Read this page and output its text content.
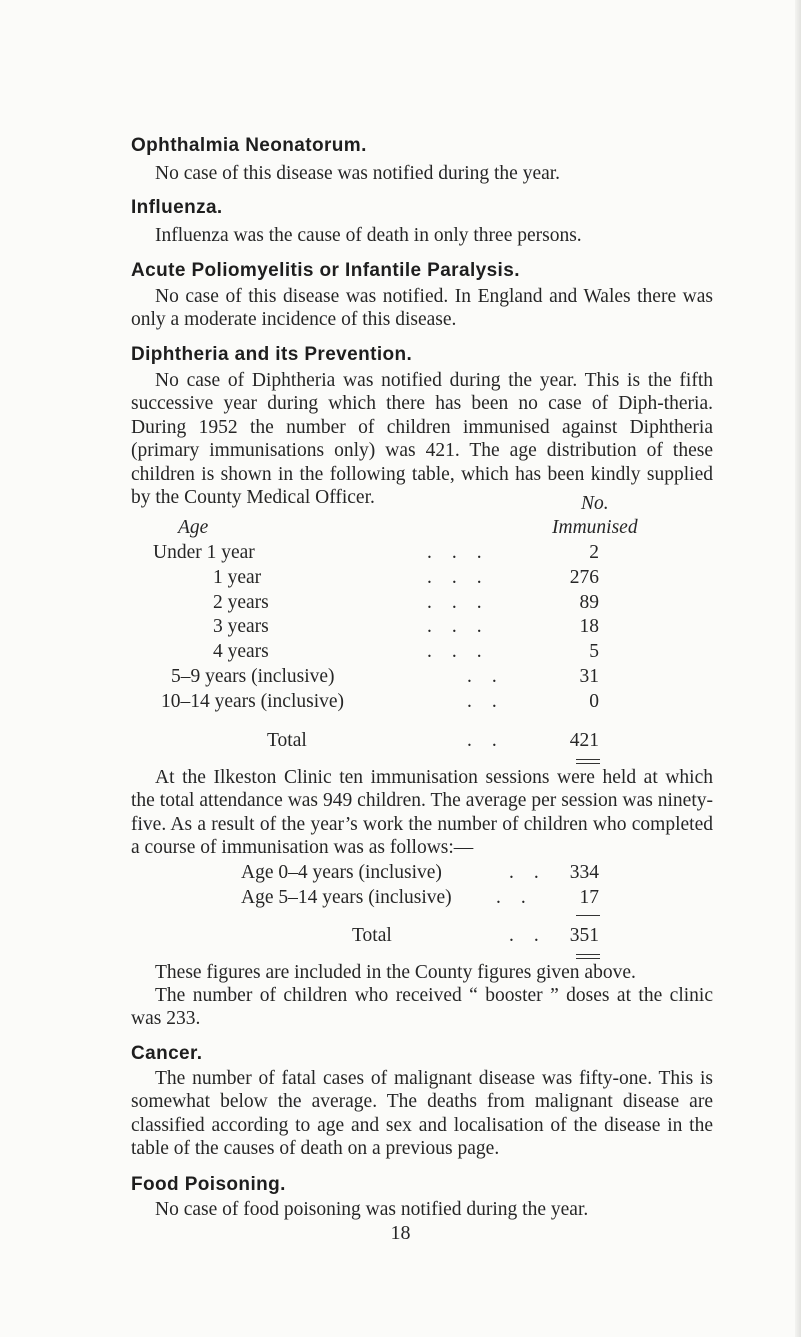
Ophthalmia Neonatorum.

No case of this disease was notified during the year.

Influenza.

Influenza was the cause of death in only three persons.

Acute Poliomyelitis or Infantile Paralysis.

No case of this disease was notified. In England and Wales there was only a moderate incidence of this disease.

Diphtheria and its Prevention.

No case of Diphtheria was notified during the year. This is the fifth successive year during which there has been no case of Diph-theria. During 1952 the number of children immunised against Diphtheria (primary immunisations only) was 421. The age distribution of these children is shown in the following table, which has been kindly supplied by the County Medical Officer.	No.
Age	Immunised
Under 1 year	...	2
1 year	...	276
2 years	...	89
3 years	...	18
4 years	...	5
5–9 years (inclusive)	..	31
10–14 years (inclusive)	..	0
Total	..	421

At the Ilkeston Clinic ten immunisation sessions were held at which the total attendance was 949 children. The average per session was ninety-five. As a result of the year’s work the number of children who completed a course of immunisation was as follows:—

Age 0–4 years (inclusive)	.. 334
Age 5–14 years (inclusive) ..	17
Total	.. 351

These figures are included in the County figures given above.

The number of children who received “ booster ” doses at the clinic was 233.

Cancer.

The number of fatal cases of malignant disease was fifty-one. This is somewhat below the average. The deaths from malignant disease are classified according to age and sex and localisation of the disease in the table of the causes of death on a previous page.

Food Poisoning.

No case of food poisoning was notified during the year.

18
